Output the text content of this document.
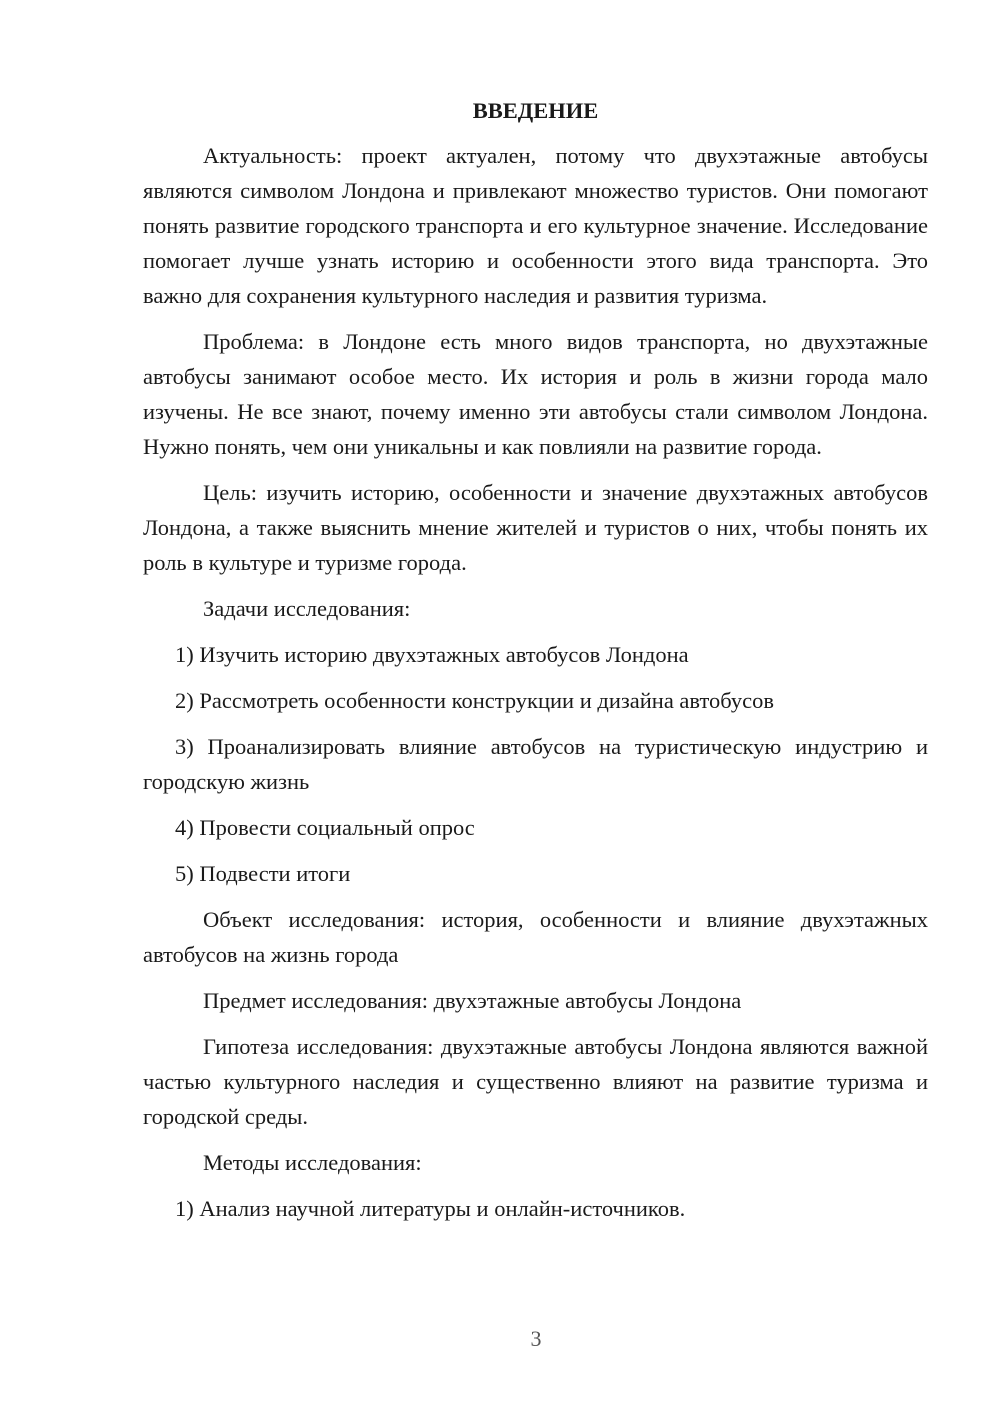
ВВЕДЕНИЕ

Актуальность: проект актуален, потому что двухэтажные автобусы являются символом Лондона и привлекают множество туристов. Они помогают понять развитие городского транспорта и его культурное значение. Исследование помогает лучше узнать историю и особенности этого вида транспорта. Это важно для сохранения культурного наследия и развития туризма.

Проблема: в Лондоне есть много видов транспорта, но двухэтажные автобусы занимают особое место. Их история и роль в жизни города мало изучены. Не все знают, почему именно эти автобусы стали символом Лондона. Нужно понять, чем они уникальны и как повлияли на развитие города.

Цель: изучить историю, особенности и значение двухэтажных автобусов Лондона, а также выяснить мнение жителей и туристов о них, чтобы понять их роль в культуре и туризме города.

Задачи исследования:

1) Изучить историю двухэтажных автобусов Лондона

2) Рассмотреть особенности конструкции и дизайна автобусов

3) Проанализировать влияние автобусов на туристическую индустрию и городскую жизнь

4) Провести социальный опрос

5) Подвести итоги

Объект исследования: история, особенности и влияние двухэтажных автобусов на жизнь города

Предмет исследования: двухэтажные автобусы Лондона

Гипотеза исследования: двухэтажные автобусы Лондона являются важной частью культурного наследия и существенно влияют на развитие туризма и городской среды.

Методы исследования:

1) Анализ научной литературы и онлайн-источников.

3
